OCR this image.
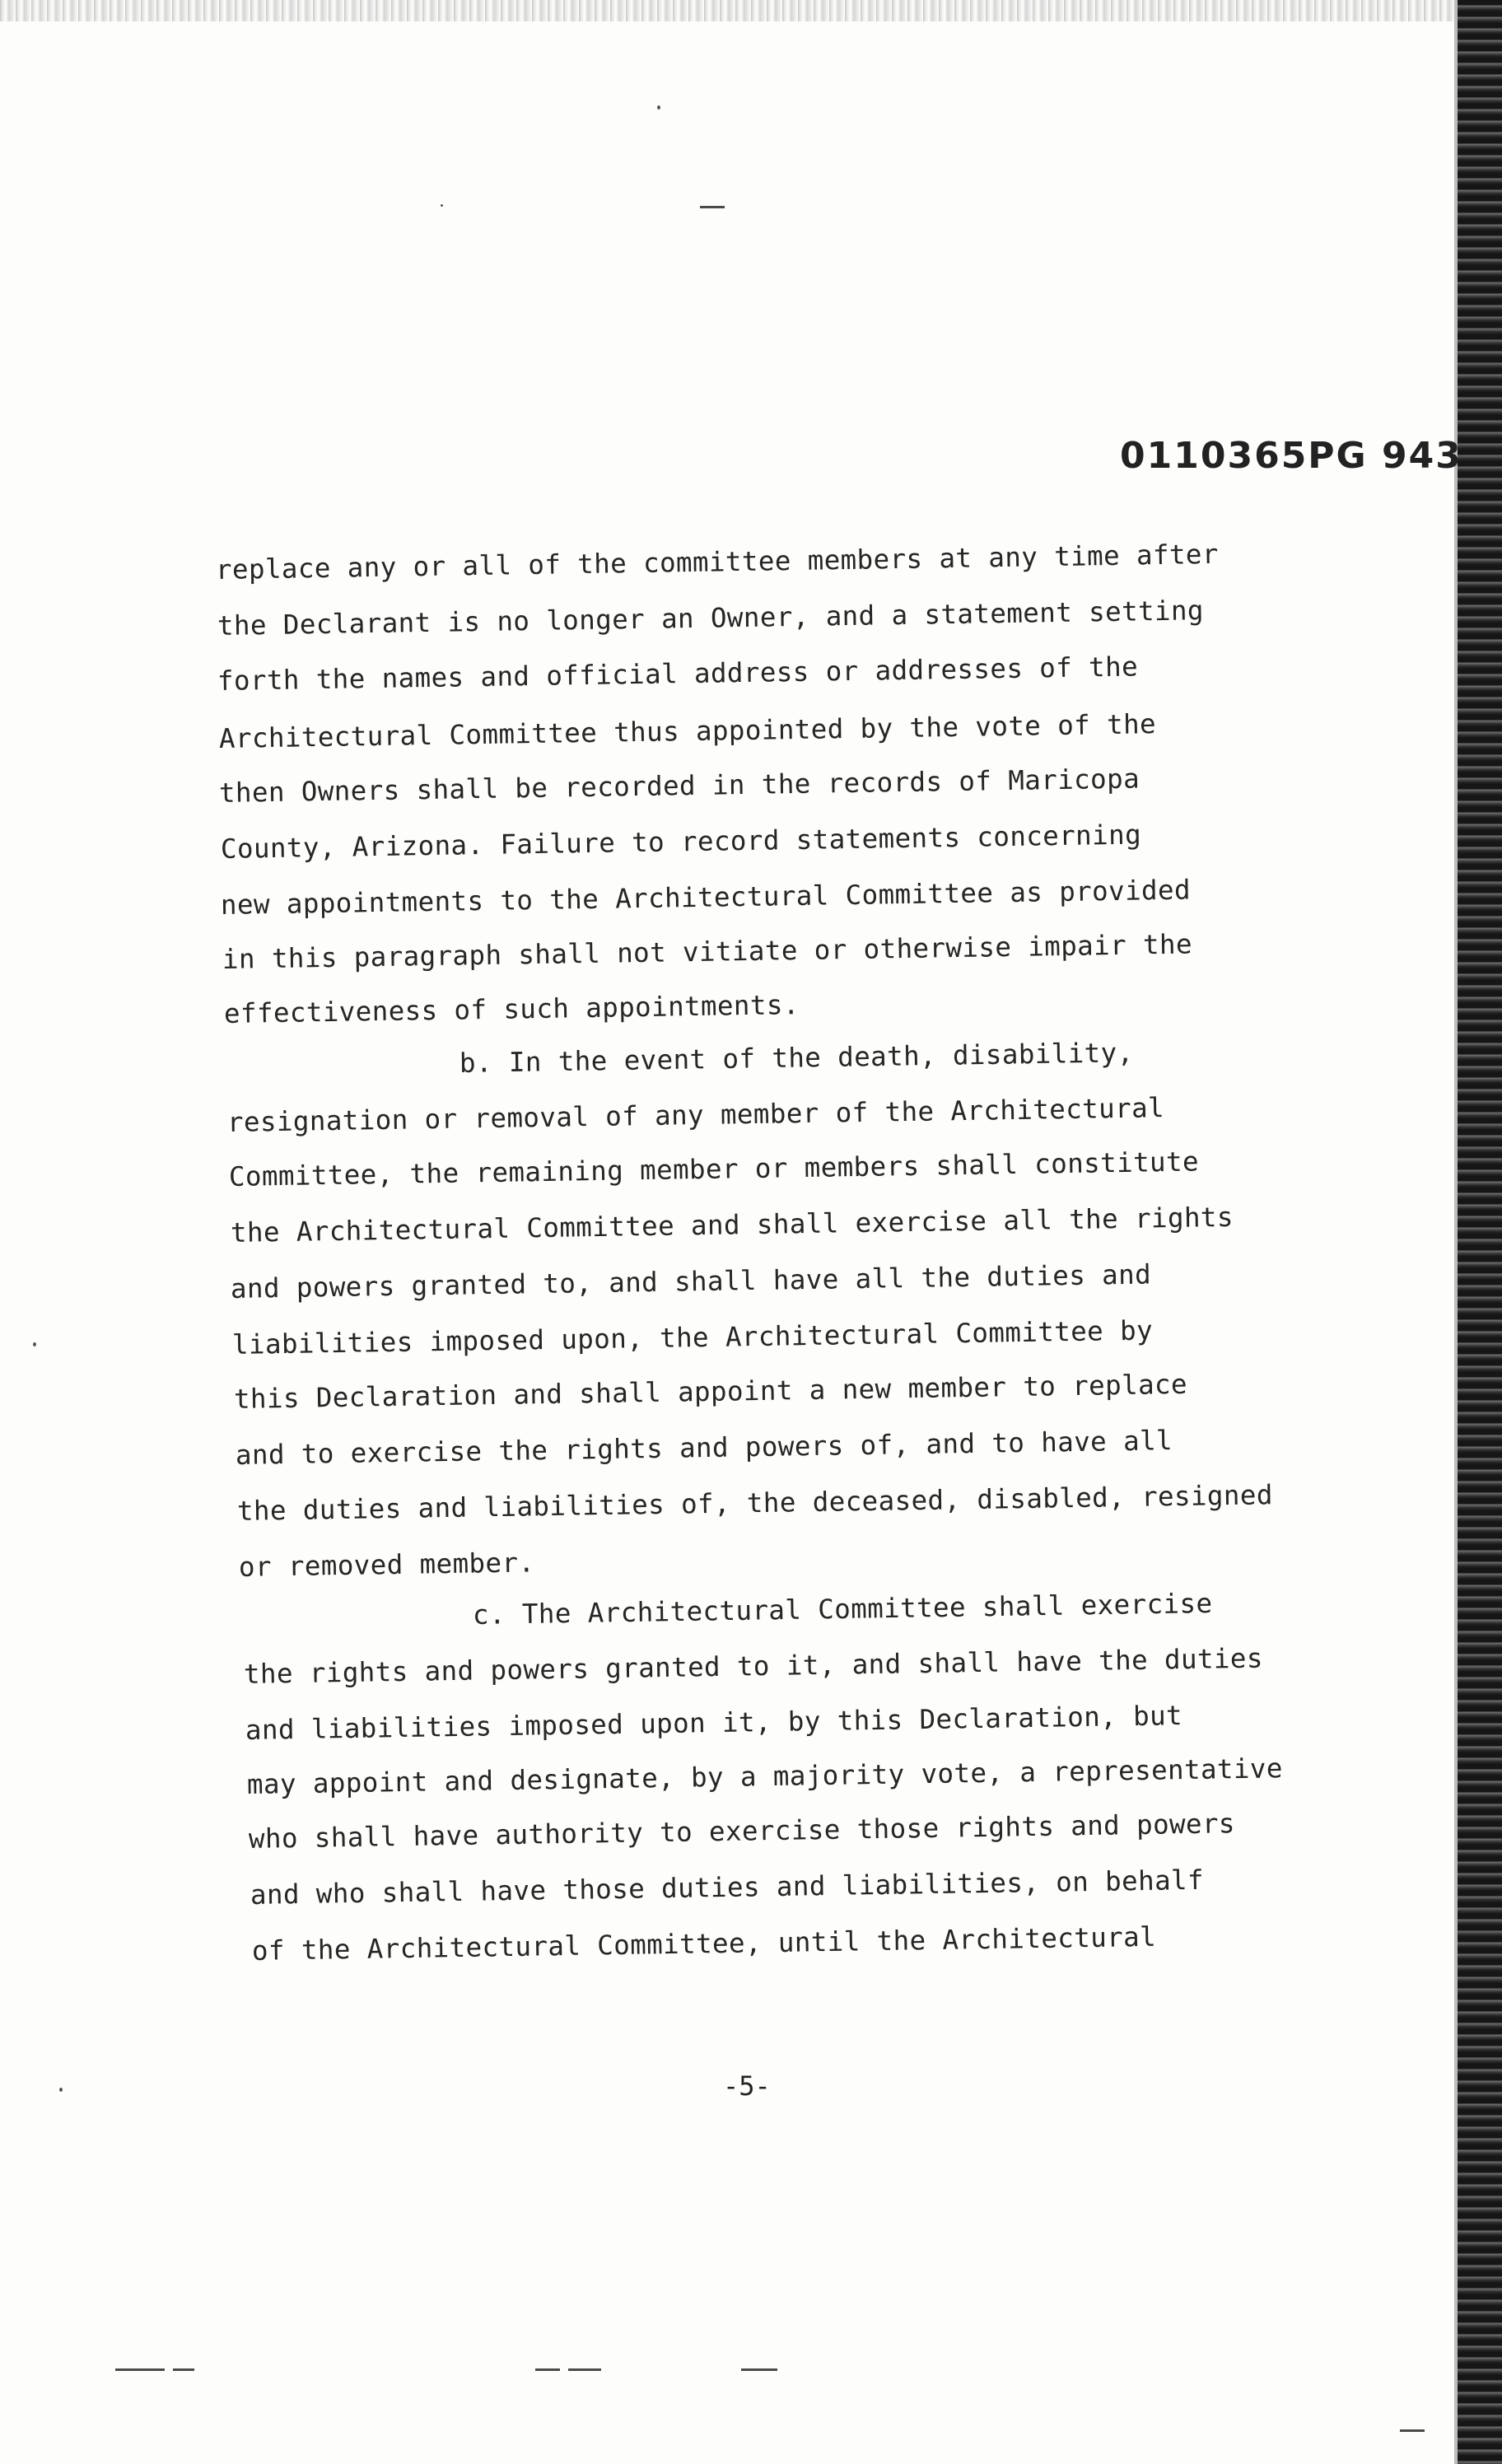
0110365PG 943
replace any or all of the committee members at any time after
the Declarant is no longer an Owner, and a statement setting
forth the names and official address or addresses of the
Architectural Committee thus appointed by the vote of the
then Owners shall be recorded in the records of Maricopa
County, Arizona. Failure to record statements concerning
new appointments to the Architectural Committee as provided
in this paragraph shall not vitiate or otherwise impair the
effectiveness of such appointments.
b. In the event of the death, disability,
resignation or removal of any member of the Architectural
Committee, the remaining member or members shall constitute
the Architectural Committee and shall exercise all the rights
and powers granted to, and shall have all the duties and
liabilities imposed upon, the Architectural Committee by
this Declaration and shall appoint a new member to replace
and to exercise the rights and powers of, and to have all
the duties and liabilities of, the deceased, disabled, resigned
or removed member.
c. The Architectural Committee shall exercise
the rights and powers granted to it, and shall have the duties
and liabilities imposed upon it, by this Declaration, but
may appoint and designate, by a majority vote, a representative
who shall have authority to exercise those rights and powers
and who shall have those duties and liabilities, on behalf
of the Architectural Committee, until the Architectural
-5-
